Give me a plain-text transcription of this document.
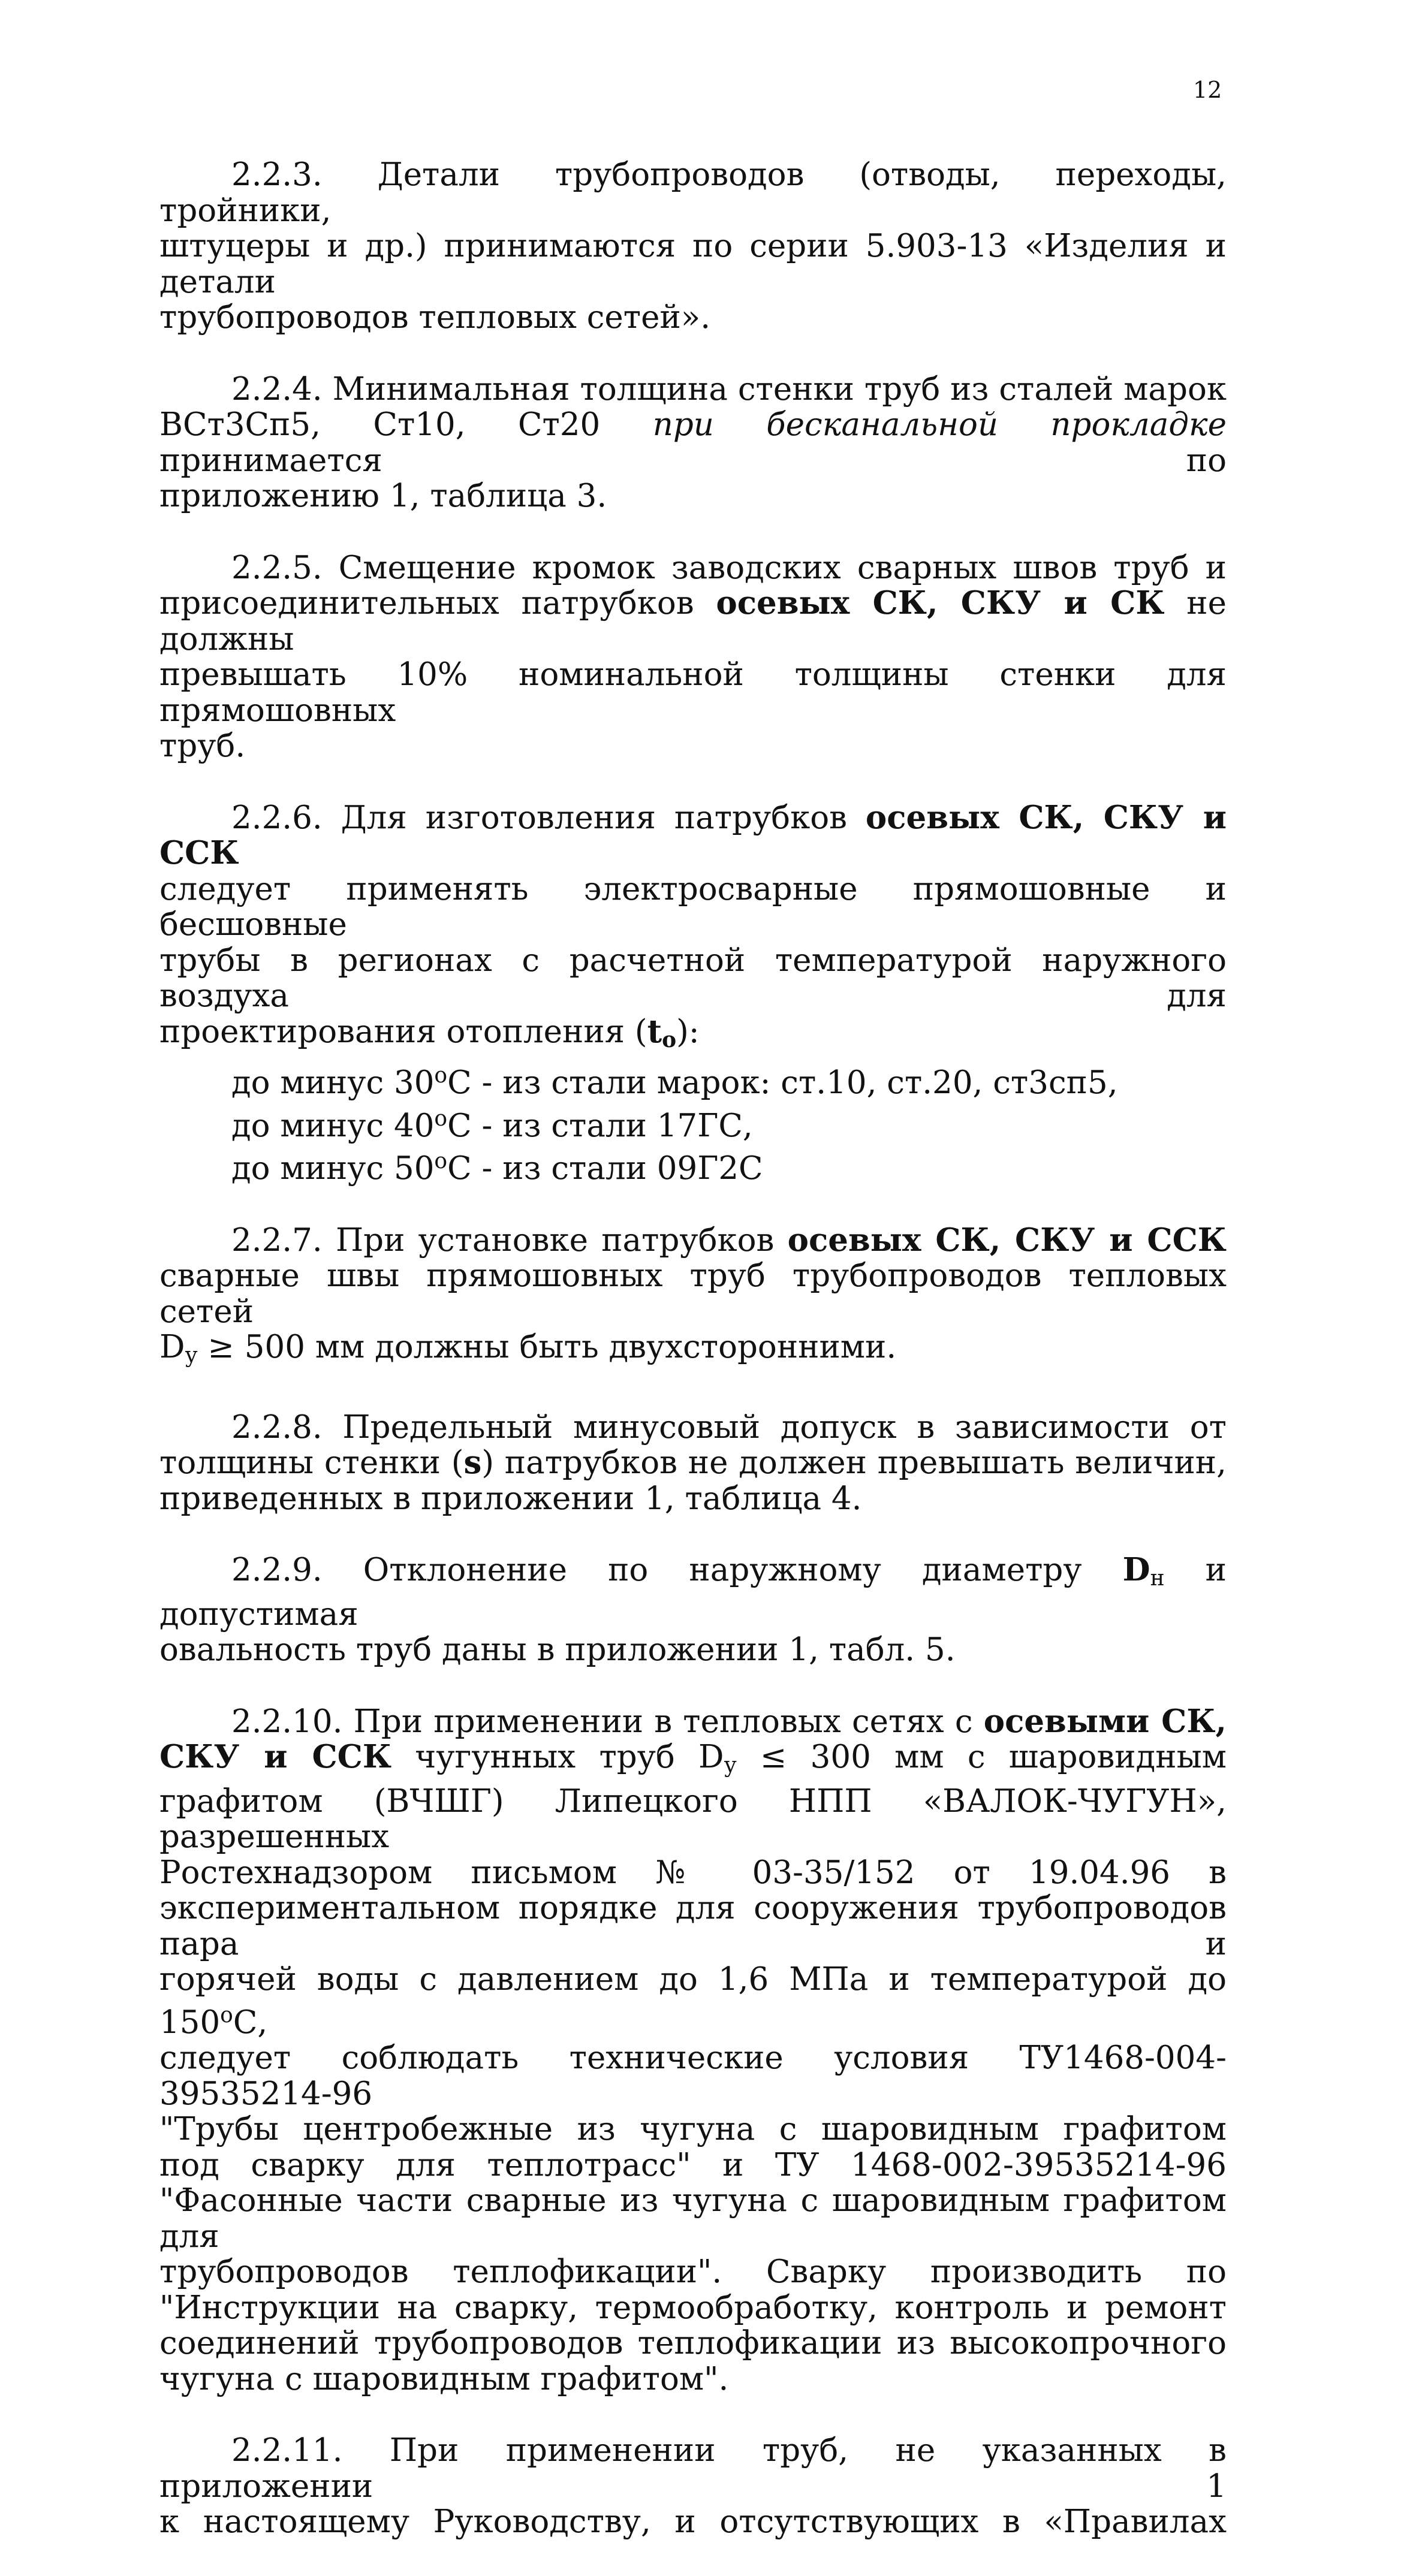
12
2.2.3. Детали трубопроводов (отводы, переходы, тройники,
штуцеры и др.) принимаются по серии 5.903-13 «Изделия и детали
трубопроводов тепловых сетей».
2.2.4. Минимальная толщина стенки труб из сталей марок
ВСт3Сп5, Ст10, Ст20 при бесканальной прокладке принимается по
приложению 1, таблица 3.
2.2.5. Смещение кромок заводских сварных швов труб и
присоединительных патрубков осевых СК, СКУ и СК не должны
превышать 10% номинальной толщины стенки для прямошовных
труб.
2.2.6. Для изготовления патрубков осевых СК, СКУ и ССК
следует применять электросварные прямошовные и бесшовные
трубы в регионах с расчетной температурой наружного воздуха для
проектирования отопления $(t_o)$:
до минус $30^оС$ - из стали марок: ст.10, ст.20, ст3сп5,
до минус $40^оС$ - из стали 17ГС,
до минус $50^оС$ - из стали 09Г2С
2.2.7. При установке патрубков осевых СК, СКУ и ССК
сварные швы прямошовных труб трубопроводов тепловых сетей
$D_у \ge 500$ мм должны быть двухсторонними.
2.2.8. Предельный минусовый допуск в зависимости от
толщины стенки (s) патрубков не должен превышать величин,
приведенных в приложении 1, таблица 4.
2.2.9. Отклонение по наружному диаметру $D_н$ и допустимая
овальность труб даны в приложении 1, табл. 5.
2.2.10. При применении в тепловых сетях с осевыми СК,
СКУ и ССК чугунных труб $D_у \le 300$ мм с шаровидным
графитом (ВЧШГ) Липецкого НПП «ВАЛОК-ЧУГУН», разрешенных
Ростехнадзором письмом № 03-35/152 от 19.04.96 в
экспериментальном порядке для сооружения трубопроводов пара и
горячей воды с давлением до 1,6 МПа и температурой до $150^оС$,
следует соблюдать технические условия ТУ1468-004-39535214-96
"Трубы центробежные из чугуна с шаровидным графитом
под сварку для теплотрасс" и ТУ 1468-002-39535214-96
"Фасонные части сварные из чугуна с шаровидным графитом для
трубопроводов теплофикации". Сварку производить по
"Инструкции на сварку, термообработку, контроль и ремонт
соединений трубопроводов теплофикации из высокопрочного
чугуна с шаровидным графитом".
2.2.11. При применении труб, не указанных в приложении 1
к настоящему Руководству, и отсутствующих в «Правилах
